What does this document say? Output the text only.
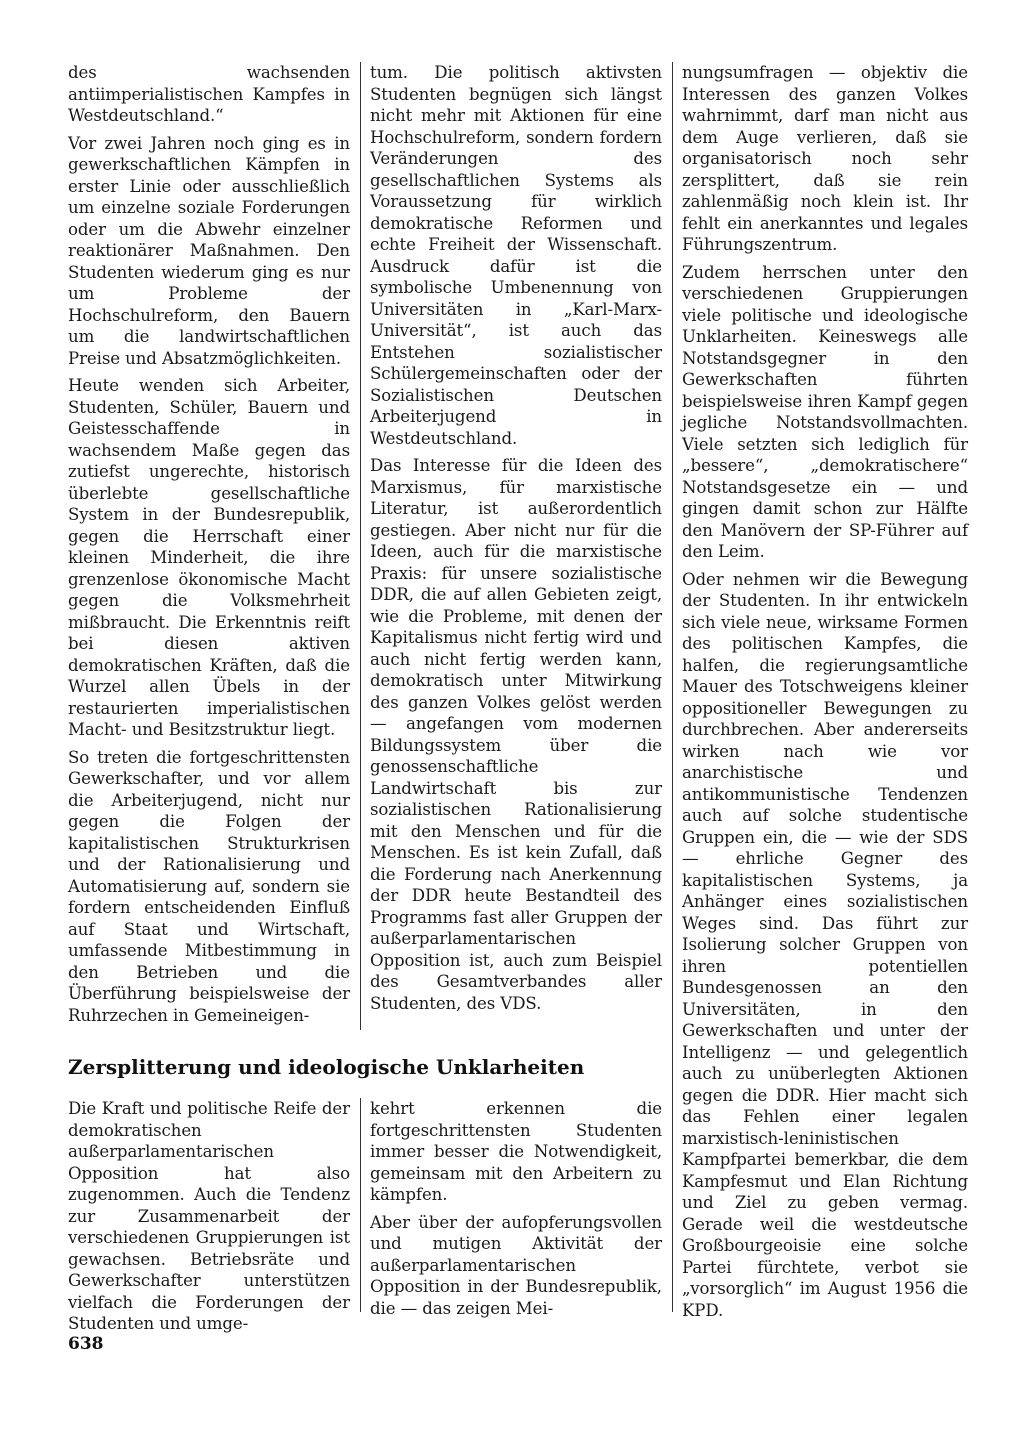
des wachsenden antiimperialistischen Kampfes in Westdeutschland.“

Vor zwei Jahren noch ging es in gewerkschaftlichen Kämpfen in erster Linie oder ausschließlich um einzelne soziale Forderungen oder um die Abwehr einzelner reaktionärer Maßnahmen. Den Studenten wiederum ging es nur um Probleme der Hochschulreform, den Bauern um die landwirtschaftlichen Preise und Absatzmöglichkeiten.

Heute wenden sich Arbeiter, Studenten, Schüler, Bauern und Geistesschaffende in wachsendem Maße gegen das zutiefst ungerechte, historisch überlebte gesellschaftliche System in der Bundesrepublik, gegen die Herrschaft einer kleinen Minderheit, die ihre grenzenlose ökonomische Macht gegen die Volksmehrheit mißbraucht. Die Erkenntnis reift bei diesen aktiven demokratischen Kräften, daß die Wurzel allen Übels in der restaurierten imperialistischen Macht- und Besitzstruktur liegt.

So treten die fortgeschrittensten Gewerkschafter, und vor allem die Arbeiterjugend, nicht nur gegen die Folgen der kapitalistischen Strukturkrisen und der Rationalisierung und Automatisierung auf, sondern sie fordern entscheidenden Einfluß auf Staat und Wirtschaft, umfassende Mitbestimmung in den Betrieben und die Überführung beispielsweise der Ruhrzechen in Gemeineigen-

tum. Die politisch aktivsten Studenten begnügen sich längst nicht mehr mit Aktionen für eine Hochschulreform, sondern fordern Veränderungen des gesellschaftlichen Systems als Voraussetzung für wirklich demokratische Reformen und echte Freiheit der Wissenschaft. Ausdruck dafür ist die symbolische Umbenennung von Universitäten in „Karl-Marx-Universität“, ist auch das Entstehen sozialistischer Schülergemeinschaften oder der Sozialistischen Deutschen Arbeiterjugend in Westdeutschland.

Das Interesse für die Ideen des Marxismus, für marxistische Literatur, ist außerordentlich gestiegen. Aber nicht nur für die Ideen, auch für die marxistische Praxis: für unsere sozialistische DDR, die auf allen Gebieten zeigt, wie die Probleme, mit denen der Kapitalismus nicht fertig wird und auch nicht fertig werden kann, demokratisch unter Mitwirkung des ganzen Volkes gelöst werden — angefangen vom modernen Bildungssystem über die genossenschaftliche Landwirtschaft bis zur sozialistischen Rationalisierung mit den Menschen und für die Menschen. Es ist kein Zufall, daß die Forderung nach Anerkennung der DDR heute Bestandteil des Programms fast aller Gruppen der außerparlamentarischen Opposition ist, auch zum Beispiel des Gesamtverbandes aller Studenten, des VDS.

nungsumfragen — objektiv die Interessen des ganzen Volkes wahrnimmt, darf man nicht aus dem Auge verlieren, daß sie organisatorisch noch sehr zersplittert, daß sie rein zahlenmäßig noch klein ist. Ihr fehlt ein anerkanntes und legales Führungszentrum.

Zudem herrschen unter den verschiedenen Gruppierungen viele politische und ideologische Unklarheiten. Keineswegs alle Notstandsgegner in den Gewerkschaften führten beispielsweise ihren Kampf gegen jegliche Notstandsvollmachten. Viele setzten sich lediglich für „bessere“, „demokratischere“ Notstandsgesetze ein — und gingen damit schon zur Hälfte den Manövern der SP-Führer auf den Leim.

Oder nehmen wir die Bewegung der Studenten. In ihr entwickeln sich viele neue, wirksame Formen des politischen Kampfes, die halfen, die regierungsamtliche Mauer des Totschweigens kleiner oppositioneller Bewegungen zu durchbrechen. Aber andererseits wirken nach wie vor anarchistische und antikommunistische Tendenzen auch auf solche studentische Gruppen ein, die — wie der SDS — ehrliche Gegner des kapitalistischen Systems, ja Anhänger eines sozialistischen Weges sind. Das führt zur Isolierung solcher Gruppen von ihren potentiellen Bundesgenossen an den Universitäten, in den Gewerkschaften und unter der Intelligenz — und gelegentlich auch zu unüberlegten Aktionen gegen die DDR. Hier macht sich das Fehlen einer legalen marxistisch-leninistischen Kampfpartei bemerkbar, die dem Kampfesmut und Elan Richtung und Ziel zu geben vermag. Gerade weil die westdeutsche Großbourgeoisie eine solche Partei fürchtete, verbot sie „vorsorglich“ im August 1956 die KPD.

Zersplitterung und ideologische Unklarheiten

Die Kraft und politische Reife der demokratischen außerparlamentarischen Opposition hat also zugenommen. Auch die Tendenz zur Zusammenarbeit der verschiedenen Gruppierungen ist gewachsen. Betriebsräte und Gewerkschafter unterstützen vielfach die Forderungen der Studenten und umge-

kehrt erkennen die fortgeschrittensten Studenten immer besser die Notwendigkeit, gemeinsam mit den Arbeitern zu kämpfen.

Aber über der aufopferungsvollen und mutigen Aktivität der außerparlamentarischen Opposition in der Bundesrepublik, die — das zeigen Mei-

638
